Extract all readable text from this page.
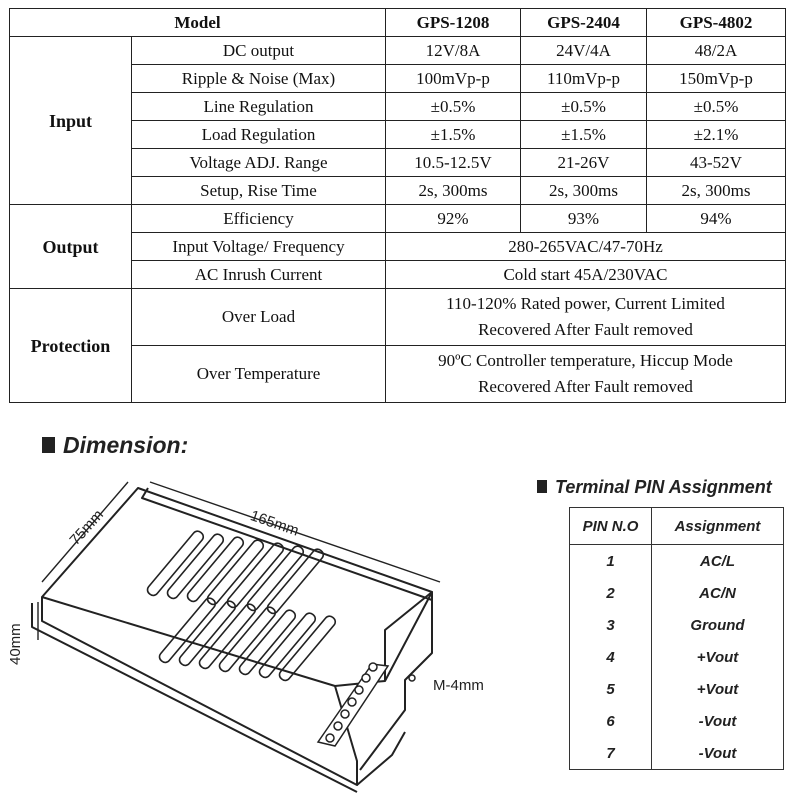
Model		GPS-1208	GPS-2404	GPS-4802
Input	DC output	12V/8A	24V/4A	48/2A
	Ripple & Noise (Max)	100mVp-p	110mVp-p	150mVp-p
	Line Regulation	±0.5%	±0.5%	±0.5%
	Load Regulation	±1.5%	±1.5%	±2.1%
	Voltage ADJ. Range	10.5-12.5V	21-26V	43-52V
	Setup, Rise Time	2s, 300ms	2s, 300ms	2s, 300ms
Output	Efficiency	92%	93%	94%
	Input Voltage/ Frequency	280-265VAC/47-70Hz		
	AC Inrush Current	Cold start 45A/230VAC		
Protection	Over Load	110-120% Rated power, Current Limited
Recovered After Fault removed		

	Over Temperature	90ºC Controller temperature, Hiccup Mode
Recovered After Fault removed		
Dimension:
165mm
75mm
40mm
M-4mm
Terminal PIN Assignment
PIN N.O	Assignment
1	AC/L
2	AC/N
3	Ground
4	+Vout
5	+Vout
6	-Vout
7	-Vout
